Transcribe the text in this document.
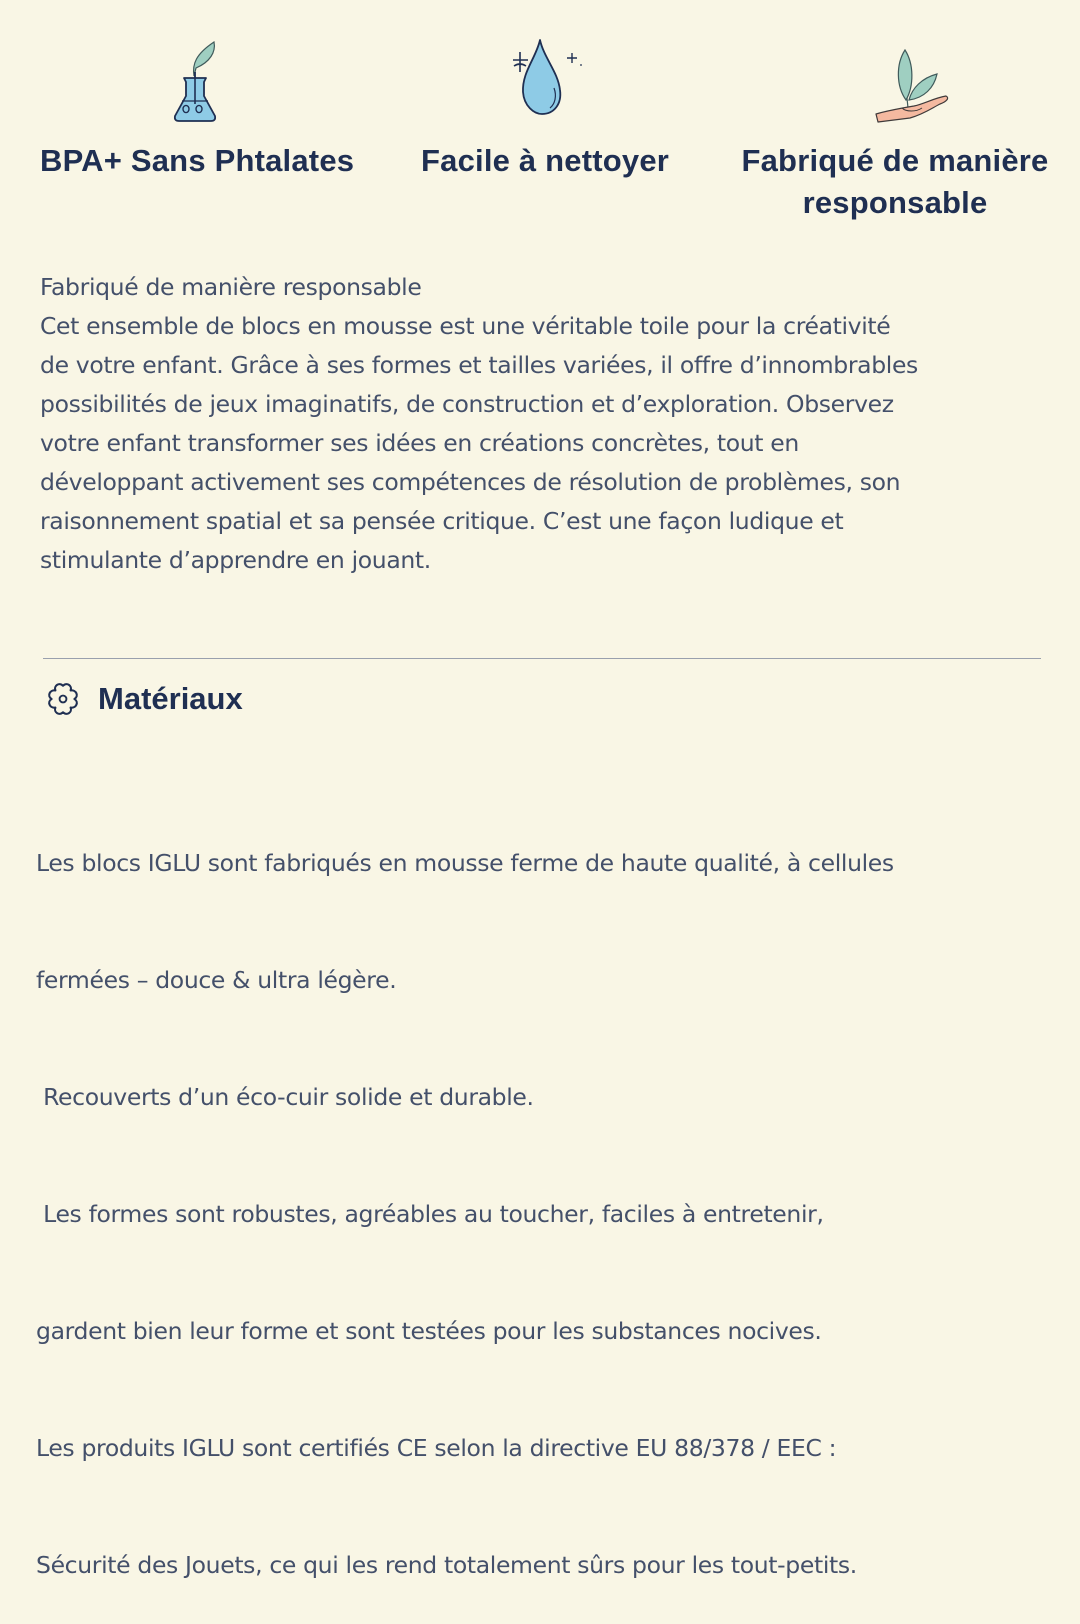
BPA+ Sans Phtalates Facile à nettoyer Fabriqué de manière
responsable

Fabriqué de manière responsable

Cet ensemble de blocs en mousse est une véritable toile pour la créativité

de votre enfant. Grâce à ses formes et tailles variées, il offre d’innombrables

possibilités de jeux imaginatifs, de construction et d’exploration. Observez

votre enfant transformer ses idées en créations concrètes, tout en

développant activement ses compétences de résolution de problèmes, son

raisonnement spatial et sa pensée critique. C’est une façon ludique et

stimulante d’apprendre en jouant.

Matériaux

Les blocs IGLU sont fabriqués en mousse ferme de haute qualité, à cellules

fermées – douce & ultra légère.

Recouverts d’un éco-cuir solide et durable.

Les formes sont robustes, agréables au toucher, faciles à entretenir,

gardent bien leur forme et sont testées pour les substances nocives.

Les produits IGLU sont certifiés CE selon la directive EU 88/378 / EEC :

Sécurité des Jouets, ce qui les rend totalement sûrs pour les tout-petits.
